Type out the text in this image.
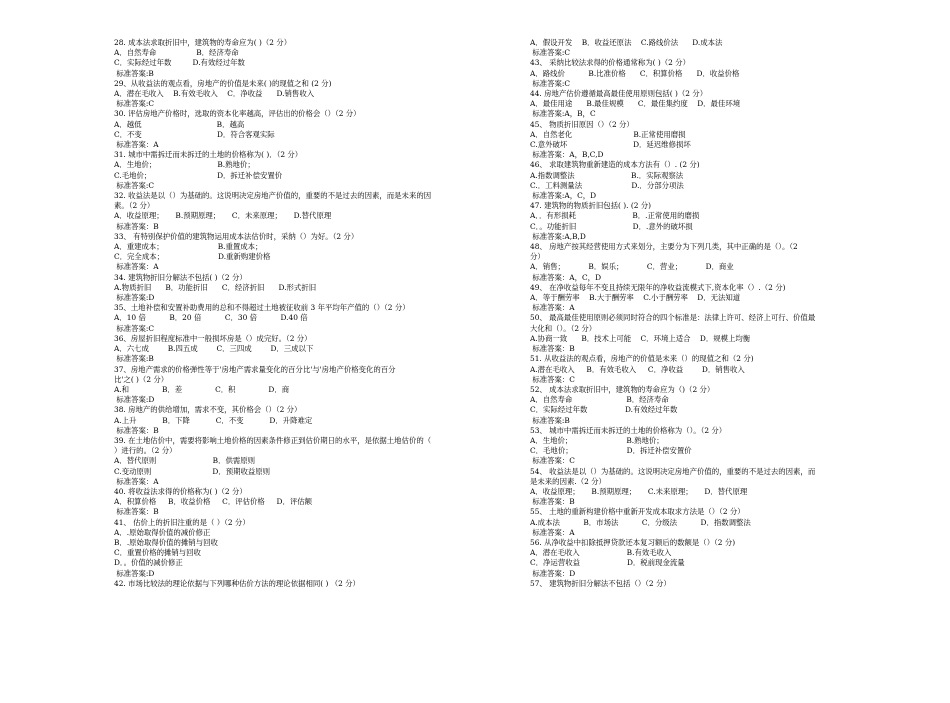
28. 成本法求取折旧中，建筑物的寿命应为( )（2 分）
A．自然寿命                 B．经济寿命
C．实际经过年数         D.有效经过年数
标准答案:B
29、从收益法的观点看，房地产的价值是未来( )的现值之和 (2 分)
A．潜在毛收入    B.有效毛收入    C．净收益      D.销售收入
标准答案:C
30. 评估房地产价格时，选取的资本化率越高，评估出的价格会（）（2 分）
A．越低                                B．越高
C．不变                                D．符合客观实际
标准答案：A
31. 城市中需拆迁而未拆迁的土地的价格称为( )．（2 分）
A．生地价；                          B.熟地价；
C.毛地价；                            D．拆迁补偿安置价
标准答案:C
32. 收益法是以（）为基础的。这说明决定房地产价值的，重要的不是过去的因素，而是未来的因
素。（2 分）
A．收益原理；     B.预期原理；     C．未来原理；     D.替代原理
标准答案：B
33、 有特别保护价值的建筑物运用成本法估价时，采纳（）为好。（2 分）
A．重建成本；                       B.重置成本；
C．完全成本；                       D.重新购建价格
标准答案：A
34. 建筑物折旧分解法不包括( )（2 分）
A.物质折旧      B．功能折旧      C．经济折旧      D.形式折旧
标准答案:D
35、土地补偿和安置补助费用的总和不得超过土地被征收前 3 年平均年产值的（）（2 分）
A．10 倍          B．20 倍          C．30 倍          D.40 倍
标准答案:C
36、房屋折旧程度标准中一般损坏房是（）成完好。（2 分）
A．六七成        B.四五成        C．三四成        D．三成以下
标准答案:B
37、房地产需求的价格弹性等于'房地产需求量变化的百分比'与'房地产价格变化的百分
比'之( )（2 分）
A.和              B．差              C．积              D．商
标准答案:D
38. 房地产的供给增加，需求不变，其价格会（）（2 分）
A.上升           B．下降           C．不变           D．升降难定
标准答案：B
39. 在土地估价中，需要将影响土地价格的因素条件修正到估价期日的水平，是依据土地估价的（
）进行的。（2 分）
A．替代原则                        B．供需原则
C.变动原则                          D．预期收益原则
标准答案：A
40. 将收益法求得的价格称为( )（2 分）
A．积算价格     B．收益价格     C．评估价格     D．评估额
标准答案：B
41、 估价上的折旧注重的是（ ）（2 分）
A．.原始取得价值的减价修正
B．.原始取得价值的摊销与回收
C．重置价格的摊销与回收
D．。价值的减价修正
标准答案:D
42. 市场比较法的理论依据与下列哪种估价方法的理论依据相同( ) （2 分）
A．假设开发    B．收益还原法    C.路线价法      D.成本法
标准答案:C
43、 采纳比较法求得的价格通常称为( )（2 分）
A．路线价          B.比准价格      C．积算价格      D．收益价格
标准答案:C
44. 房地产估价遵循最高最佳使用原则包括( )（2 分）
A．最佳用途      B.最佳规模      C．最佳集约度    D．最佳环境
标准答案:A，B，C
45、 物质折旧原因（）（2 分）
A．自然老化                          B.正常使用磨损
C.意外破坏                            D．延迟维修损坏
标准答案：A，B,C,D
46、 求取建筑物重新建造的成本方法有（）. (2 分)
A.指数调整法                        B.．实际观察法
C.．工料测量法                     D.．分部分项法
标准答案:A，C，D
47. 建筑物的物质折旧包括( ). (2 分)
A．．有形损耗                        B．.正常使用的磨损
C．。功能折旧                        D．.意外的破坏损
标准答案:A,B,D
48、 房地产按其经营使用方式来划分，主要分为下列几类，其中正确的是（）。（2
分）
A．销售；          B．娱乐；          C．营业；          D．商业
标准答案：A，C，D
49、 在净收益每年不变且持续无限年的净收益流模式下,资本化率（）.（2 分)
A．等于酬劳率    B.大于酬劳率    C.小于酬劳率    D．无法知道
标准答案：A
50、 最高最佳使用原则必须同时符合的四个标准是：法律上许可、经济上可行、价值最
大化和（）。（2 分）
A.协商一致      B．技术上可能    C．环境上适合    D．规模上均衡
标准答案：B
51. 从收益法的观点看，房地产的价值是未来（）的现值之和（2 分)
A.潜在毛收入     B．有效毛收入     C．净收益        D．销售收入
标准答案：C
52、 成本法求取折旧中，建筑物的寿命应为（)（2 分）
A．自然寿命                       B．经济寿命
C．实际经过年数                D.有效经过年数
标准答案:B
53、 城市中需拆迁而未拆迁的土地的价格称为（）。（2 分）
A．生地价；                       B.熟地价；
C．毛地价；                       D．拆迁补偿安置价
标准答案：C
54、 收益法是以（）为基础的。这说明决定房地产价值的，重要的不是过去的因素，而
是未来的因素.（2 分）
A．收益原理；     B.预期原理；     C.未来原理；     D．替代原理
标准答案：B
55、 土地的重新构建价格中重新开发成本取求方法是（）（2 分）
A.成本法          B．市场法          C．分级法          D．指数调整法
标准答案：A
56. 从净收益中扣除抵押贷款还本复习额后的数额是（）（2 分)
A．潜在毛收入                    B.有效毛收入
C．净运营收益                    D．税前现金流量
标准答案：D
57、 建筑物折旧分解法不包括（）（2 分）
